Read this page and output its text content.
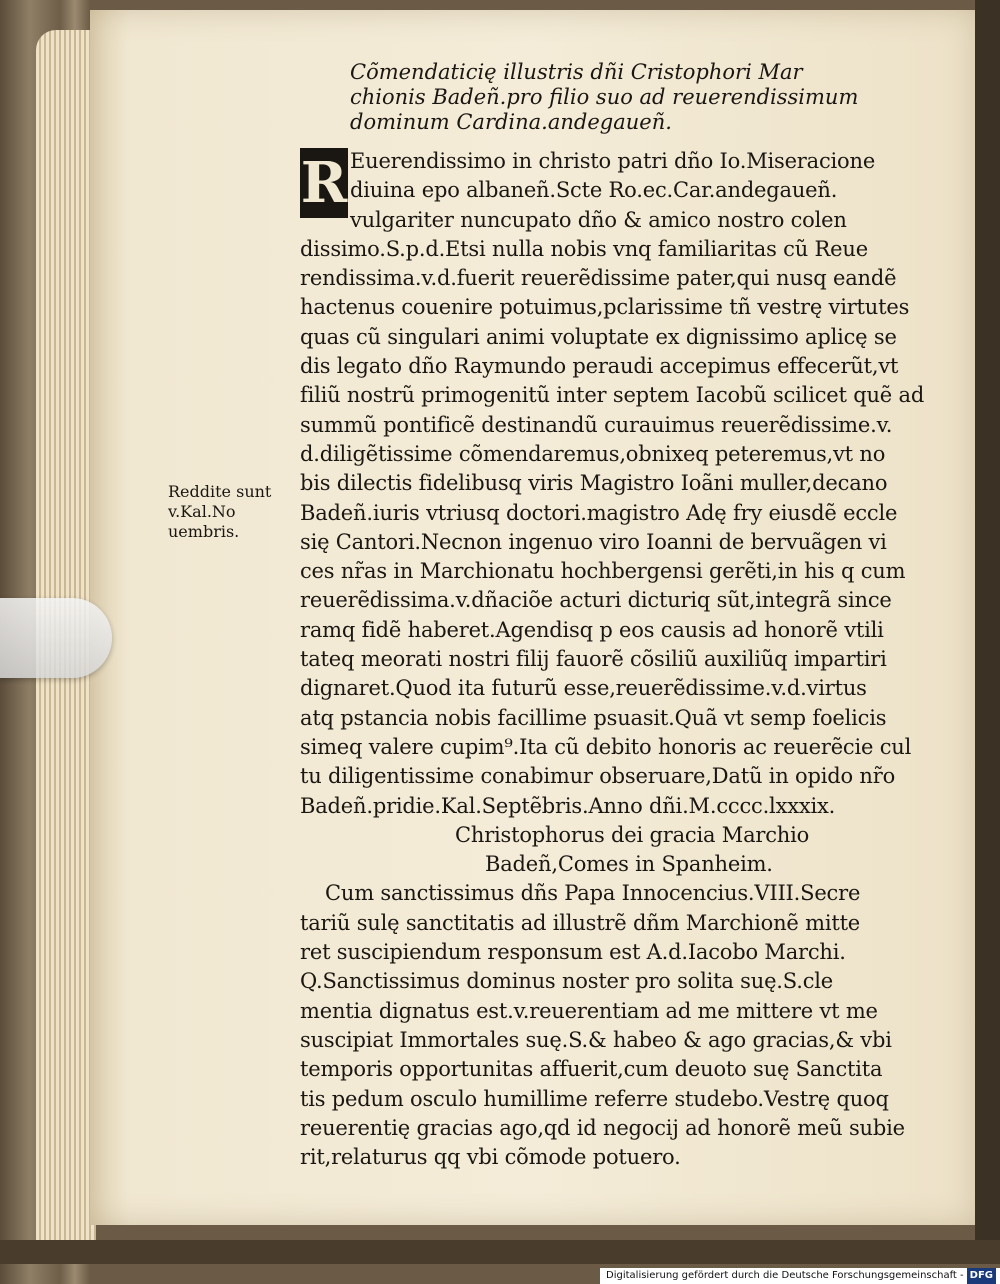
R
Cõmendaticię illustris dñi Cristophori Mar
chionis Badeñ.pro filio suo ad reuerendissimum
dominum Cardina.andegaueñ.
Euerendissimo in christo patri dño Io.Miseracione
diuina epo albaneñ.Scte Ro.ec.Car.andegaueñ.
vulgariter nuncupato dño & amico nostro colen
dissimo.S.p.d.Etsi nulla nobis vnq familiaritas cũ Reue
rendissima.v.d.fuerit reuerẽdissime pater,qui nusq eandẽ
hactenus couenire potuimus,pclarissime tñ vestrę virtutes
quas cũ singulari animi voluptate ex dignissimo aplicę se
dis legato dño Raymundo peraudi accepimus effecerũt,vt
filiũ nostrũ primogenitũ inter septem Iacobũ scilicet quẽ ad
summũ pontificẽ destinandũ curauimus reuerẽdissime.v.
d.diligẽtissime cõmendaremus,obnixeq peteremus,vt no
bis dilectis fidelibusq viris Magistro Ioãni muller,decano
Badeñ.iuris vtriusq doctori.magistro Adę fry eiusdẽ eccle
się Cantori.Necnon ingenuo viro Ioanni de bervuãgen vi
ces nr̃as in Marchionatu hochbergensi gerẽti,in his q cum
reuerẽdissima.v.dñaciõe acturi dicturiq sũt,integrã since
ramq fidẽ haberet.Agendisq p eos causis ad honorẽ vtili
tateq meorati nostri filij fauorẽ cõsiliũ auxiliũq impartiri
dignaret.Quod ita futurũ esse,reuerẽdissime.v.d.virtus
atq pstancia nobis facillime psuasit.Quã vt semp foelicis
simeq valere cupim⁹.Ita cũ debito honoris ac reuerẽcie cul
tu diligentissime conabimur obseruare,Datũ in opido nr̃o
Badeñ.pridie.Kal.Septẽbris.Anno dñi.M.cccc.lxxxix.
Christophorus dei gracia Marchio
Badeñ,Comes in Spanheim.
Cum sanctissimus dñs Papa Innocencius.VIII.Secre
tariũ sulę sanctitatis ad illustrẽ dñm Marchionẽ mitte
ret suscipiendum responsum est A.d.Iacobo Marchi.
Q.Sanctissimus dominus noster pro solita suę.S.cle
mentia dignatus est.v.reuerentiam ad me mittere vt me
suscipiat Immortales suę.S.& habeo & ago gracias,& vbi
temporis opportunitas affuerit,cum deuoto suę Sanctita
tis pedum osculo humillime referre studebo.Vestrę quoq
reuerentię gracias ago,qd id negocij ad honorẽ meũ subie
rit,relaturus qq vbi cõmode potuero.
Reddite sunt
v.Kal.No
uembris.
Digitalisierung gefördert durch die Deutsche Forschungsgemeinschaft - DFG
